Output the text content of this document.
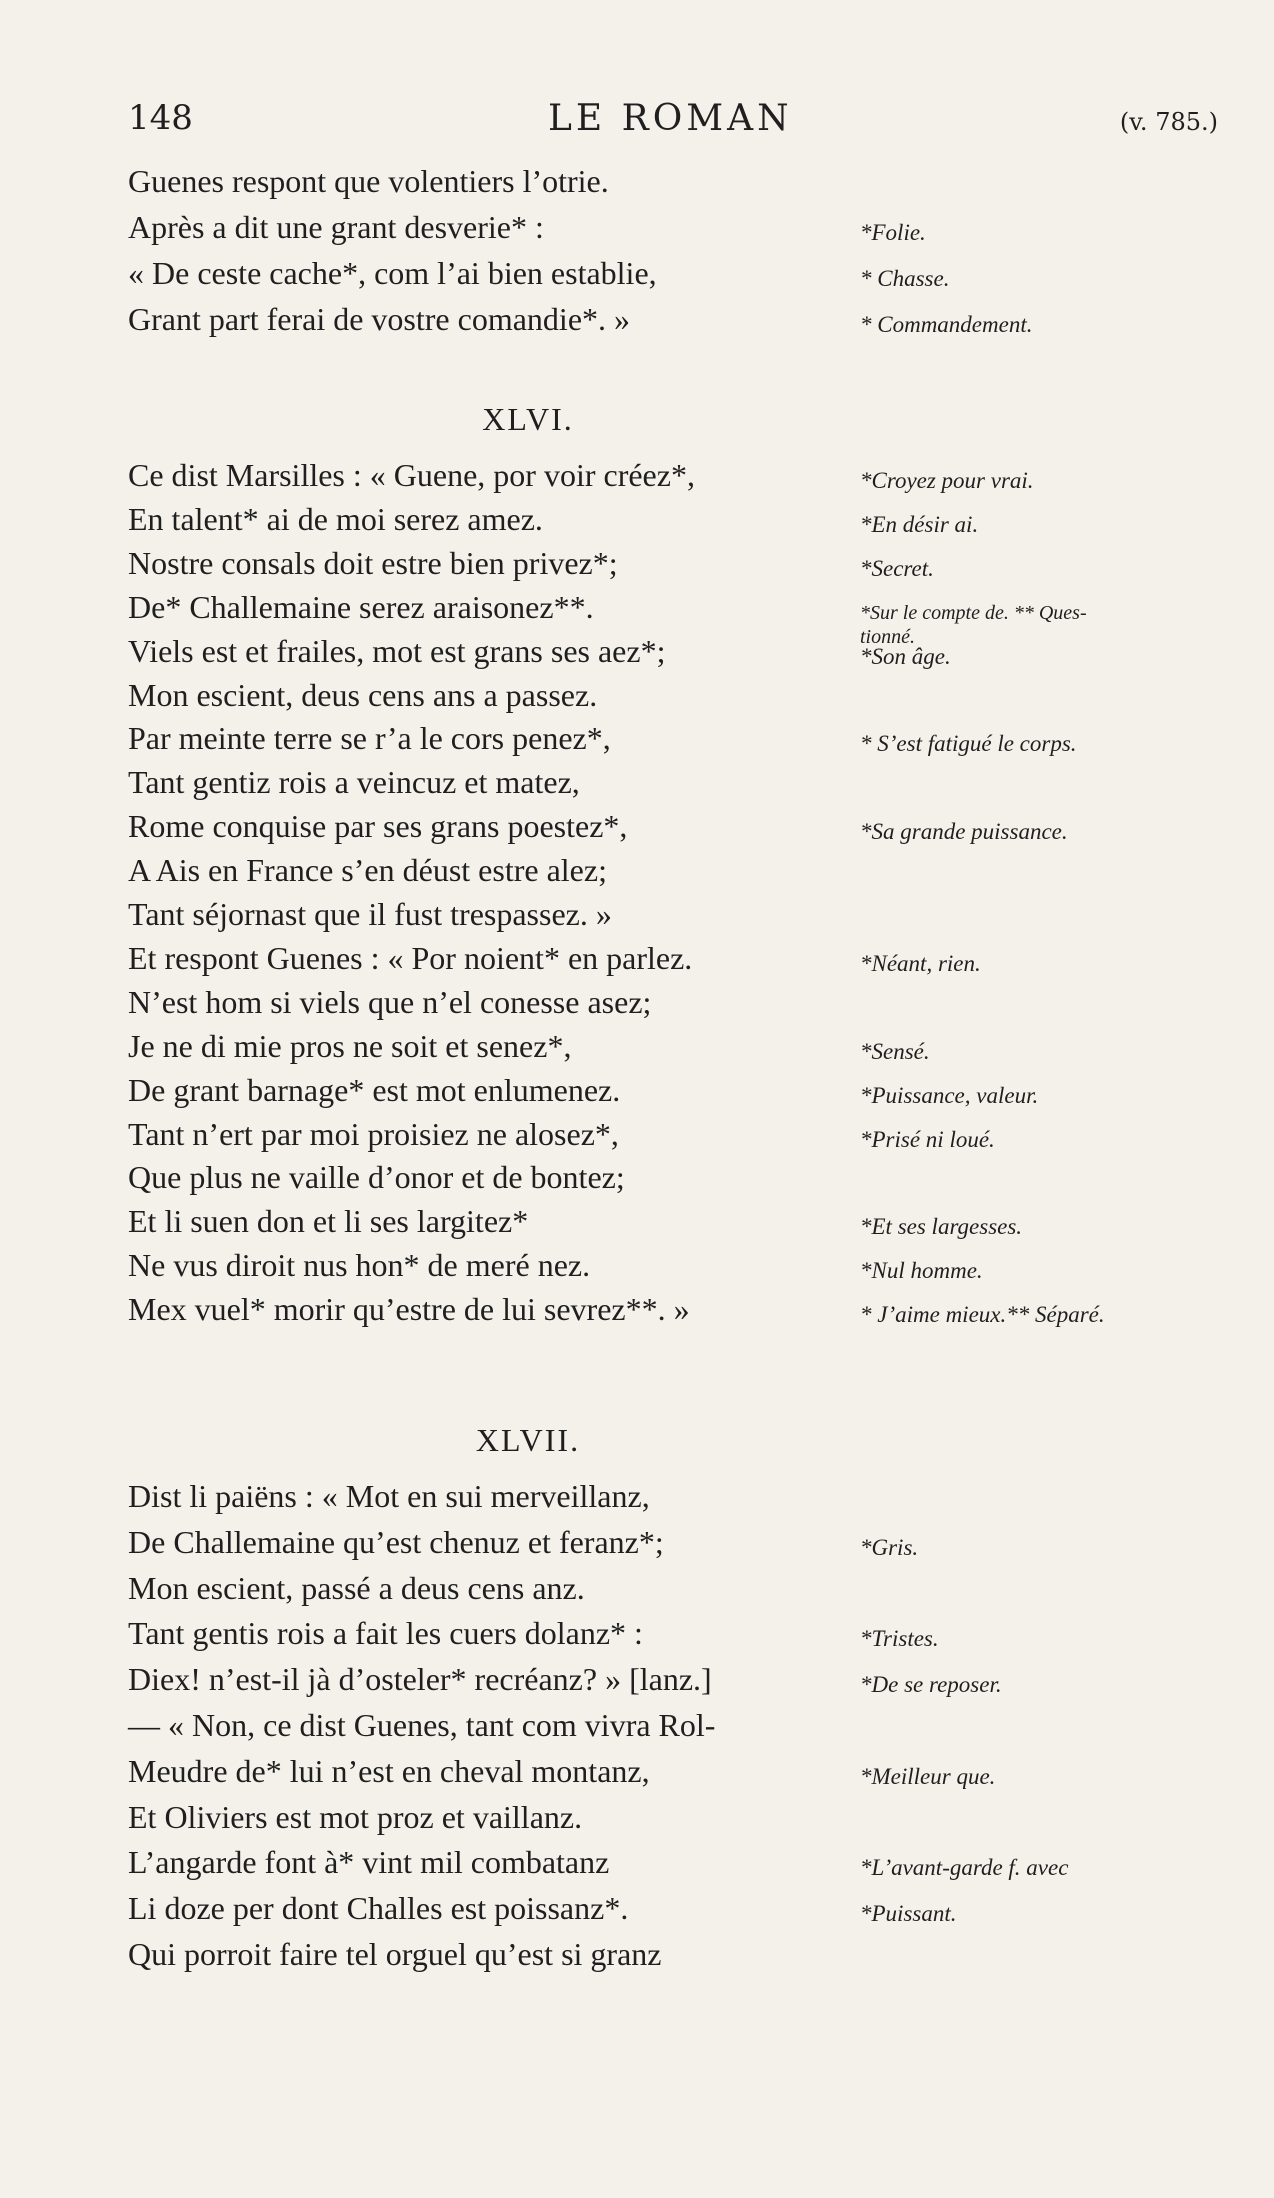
148	LE ROMAN	(v. 785.)
Guenes respont que volentiers l’otrie.
Après a dit une grant desverie* :
« De ceste cache*, com l’ai bien establie,
Grant part ferai de vostre comandie*. »
*Folie.
* Chasse.
* Commandement.
XLVI.
Ce dist Marsilles : « Guene, por voir créez*,
En talent* ai de moi serez amez.
Nostre consals doit estre bien privez*;
De* Challemaine serez araisonez**.
Viels est et frailes, mot est grans ses aez*;
Mon escient, deus cens ans a passez.
Par meinte terre se r’a le cors penez*,
Tant gentiz rois a veincuz et matez,
Rome conquise par ses grans poestez*,
A Ais en France s’en déust estre alez;
Tant séjornast que il fust trespassez. »
Et respont Guenes : « Por noient* en parlez.
N’est hom si viels que n’el conesse asez;
Je ne di mie pros ne soit et senez*,
De grant barnage* est mot enlumenez.
Tant n’ert par moi proisiez ne alosez*,
Que plus ne vaille d’onor et de bontez;
Et li suen don et li ses largitez*
Ne vus diroit nus hon* de meré nez.
Mex vuel* morir qu’estre de lui sevrez**. »
*Croyez pour vrai.
*En désir ai.
*Secret.
*Sur le compte de. ** Ques-
tionné.
*Son âge.
* S’est fatigué le corps.
*Sa grande puissance.
*Néant, rien.
*Sensé.
*Puissance, valeur.
*Prisé ni loué.
*Et ses largesses.
*Nul homme.
* J’aime mieux.** Séparé.
XLVII.
Dist li paiëns : « Mot en sui merveillanz,
De Challemaine qu’est chenuz et feranz*;
Mon escient, passé a deus cens anz.
Tant gentis rois a fait les cuers dolanz* :
Diex! n’est-il jà d’osteler* recréanz? » [lanz.]
— « Non, ce dist Guenes, tant com vivra Rol-
Meudre de* lui n’est en cheval montanz,
Et Oliviers est mot proz et vaillanz.
L’angarde font à* vint mil combatanz
Li doze per dont Challes est poissanz*.
Qui porroit faire tel orguel qu’est si granz
*Gris.
*Tristes.
*De se reposer.
*Meilleur que.
*L’avant-garde f. avec
*Puissant.
